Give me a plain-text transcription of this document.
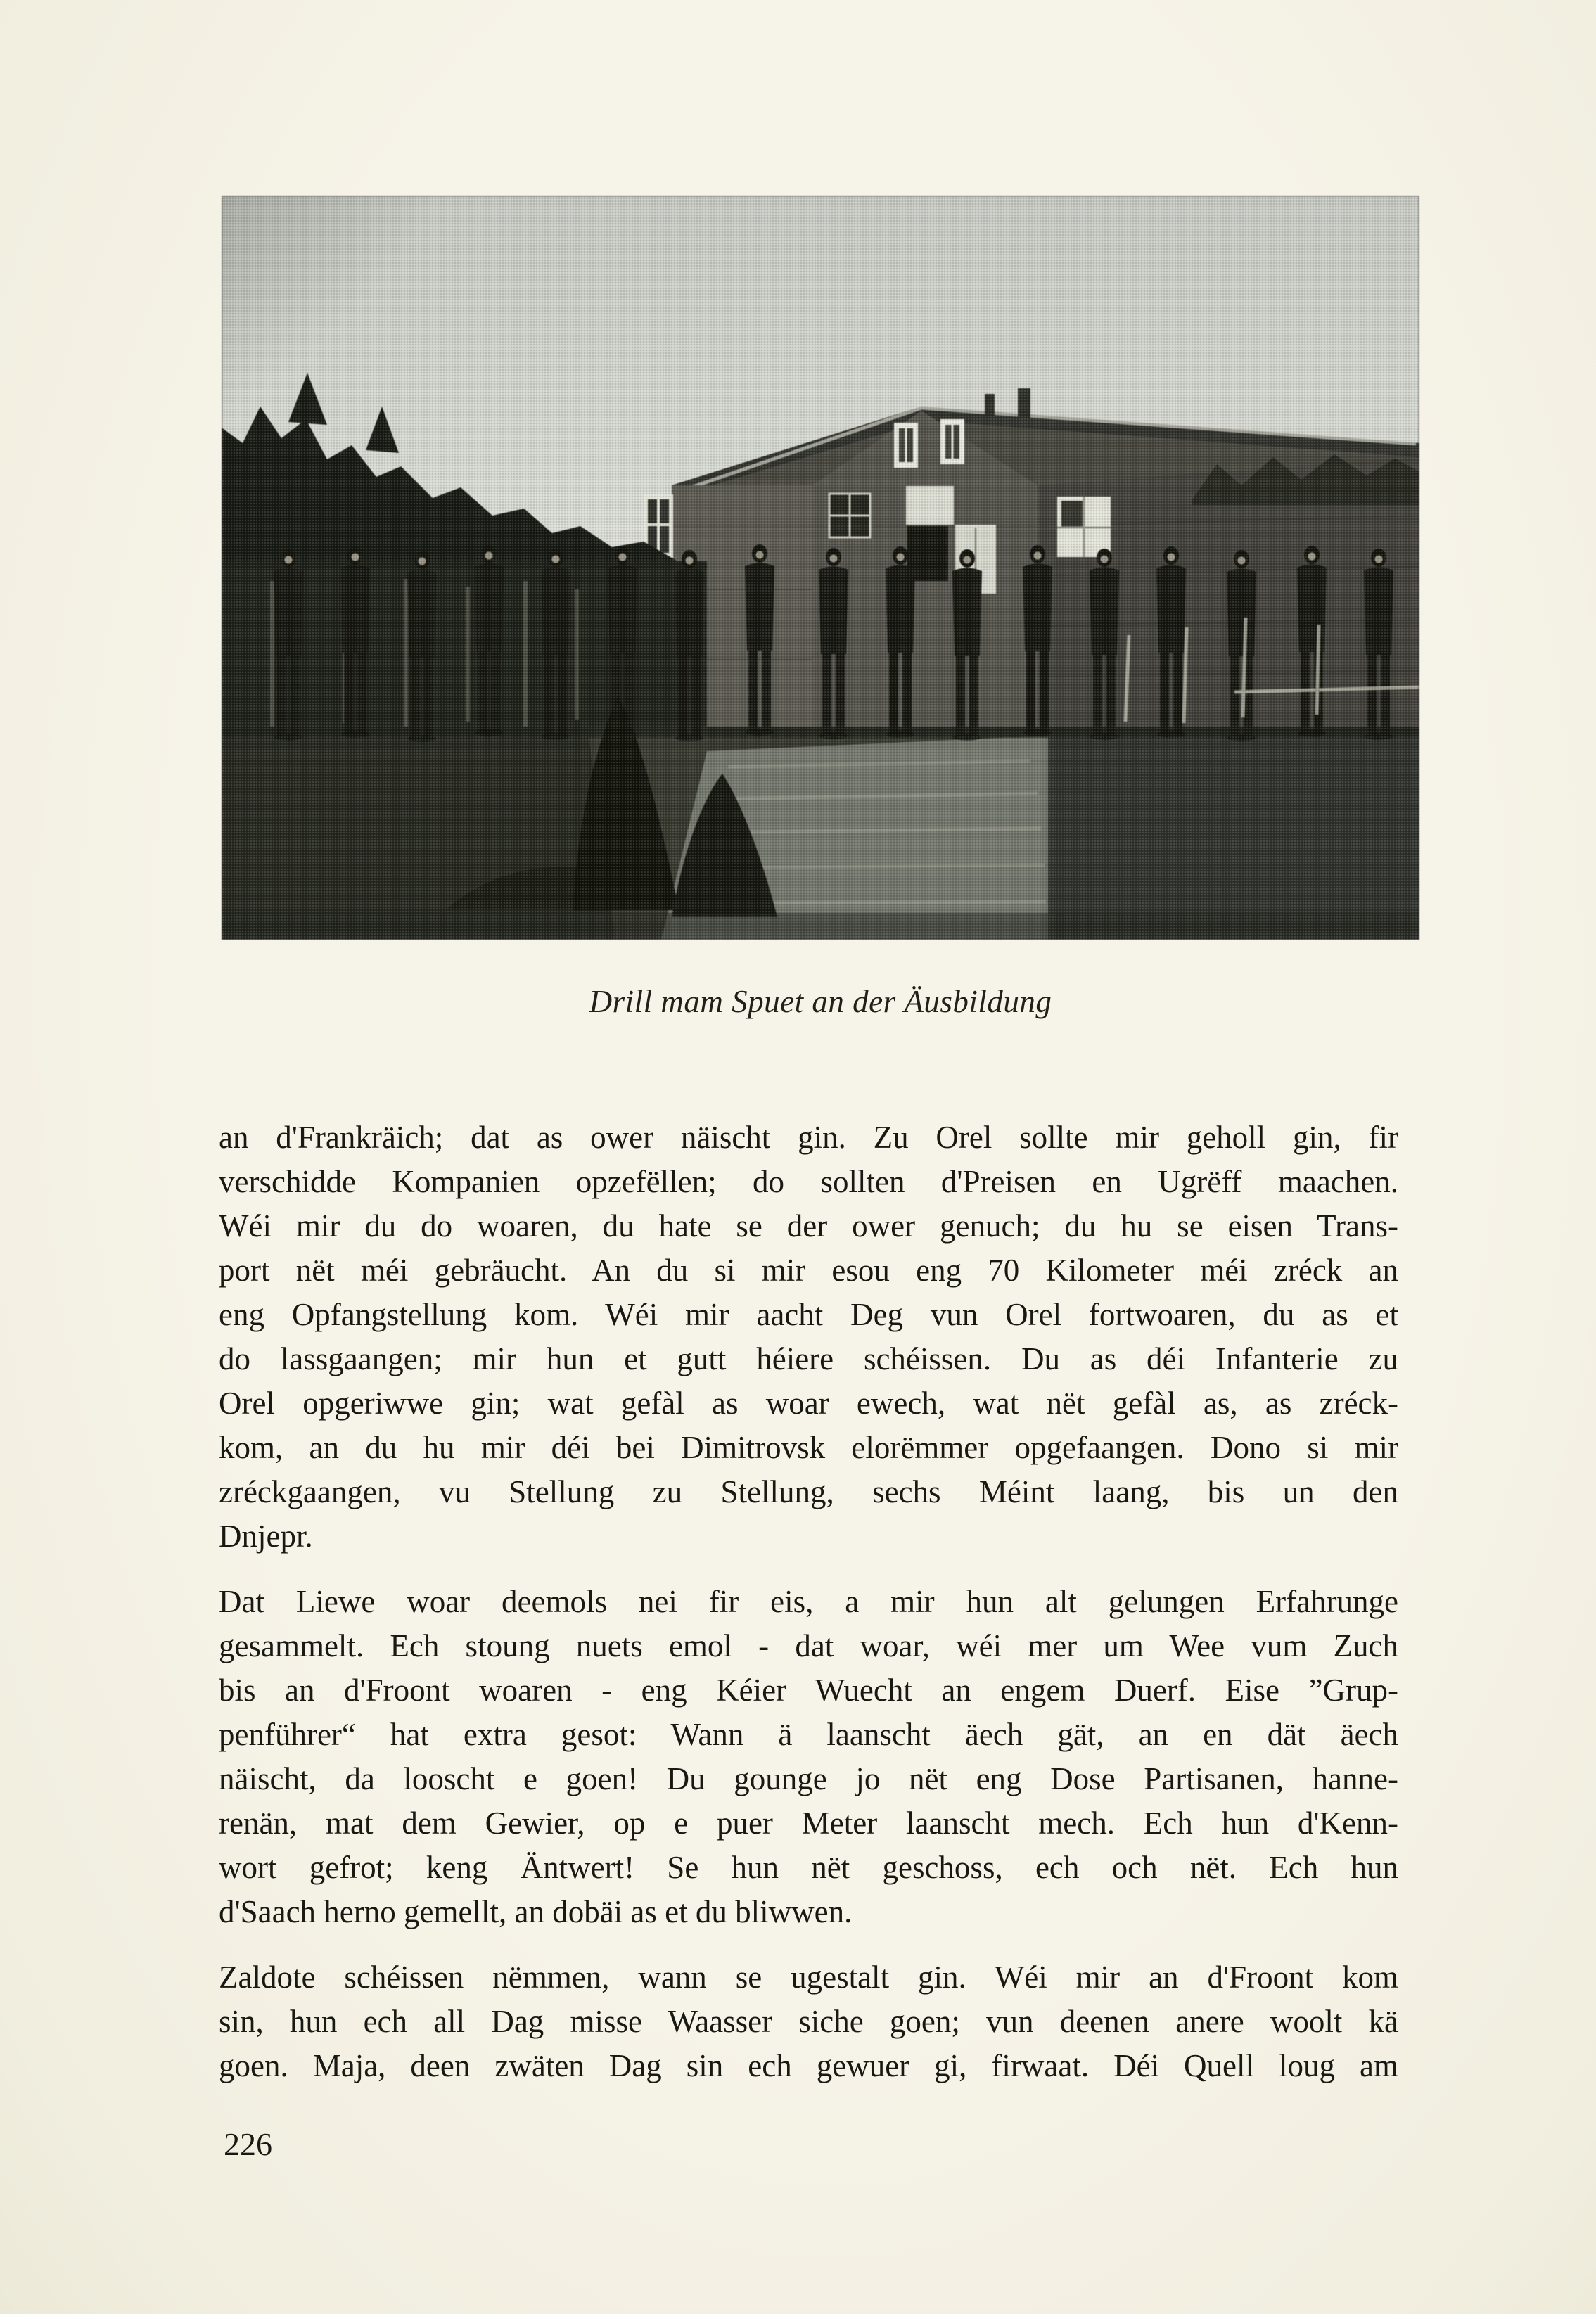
Drill mam Spuet an der Äusbildung
an d'Frankräich; dat as ower näischt gin. Zu Orel sollte mir geholl gin, fir
verschidde Kompanien opzefëllen; do sollten d'Preisen en Ugrëff maachen.
Wéi mir du do woaren, du hate se der ower genuch; du hu se eisen Trans-
port nët méi gebräucht. An du si mir esou eng 70 Kilometer méi zréck an
eng Opfangstellung kom. Wéi mir aacht Deg vun Orel fortwoaren, du as et
do lassgaangen; mir hun et gutt héiere schéissen. Du as déi Infanterie zu
Orel opgeriwwe gin; wat gefàl as woar ewech, wat nët gefàl as, as zréck-
kom, an du hu mir déi bei Dimitrovsk elorëmmer opgefaangen. Dono si mir
zréckgaangen, vu Stellung zu Stellung, sechs Méint laang, bis un den
Dnjepr.
Dat Liewe woar deemols nei fir eis, a mir hun alt gelungen Erfahrunge
gesammelt. Ech stoung nuets emol - dat woar, wéi mer um Wee vum Zuch
bis an d'Froont woaren - eng Kéier Wuecht an engem Duerf. Eise ”Grup-
penführer“ hat extra gesot: Wann ä laanscht äech gät, an en dät äech
näischt, da looscht e goen! Du gounge jo nët eng Dose Partisanen, hanne-
renän, mat dem Gewier, op e puer Meter laanscht mech. Ech hun d'Kenn-
wort gefrot; keng Äntwert! Se hun nët geschoss, ech och nët. Ech hun
d'Saach herno gemellt, an dobäi as et du bliwwen.
Zaldote schéissen nëmmen, wann se ugestalt gin. Wéi mir an d'Froont kom
sin, hun ech all Dag misse Waasser siche goen; vun deenen anere woolt kä
goen. Maja, deen zwäten Dag sin ech gewuer gi, firwaat. Déi Quell loug am
226
